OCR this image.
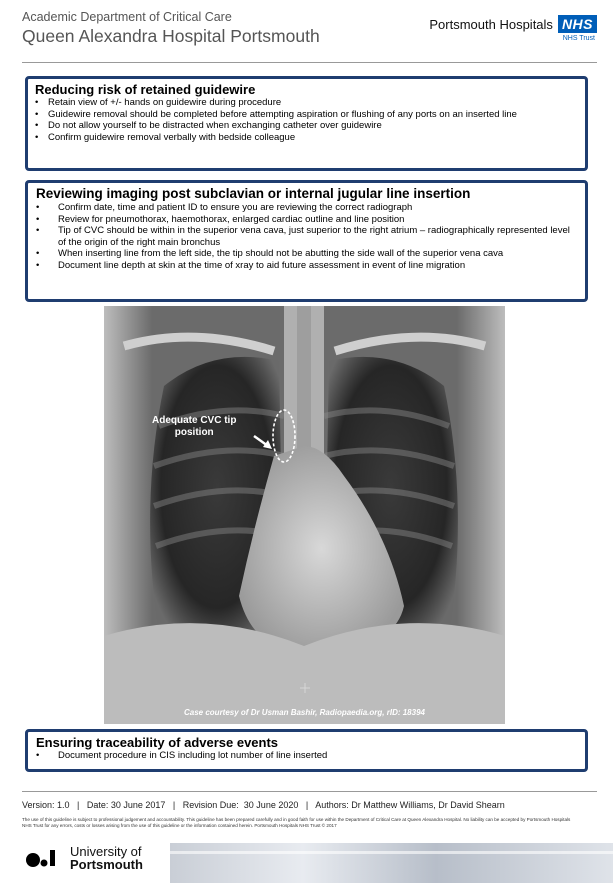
Academic Department of Critical Care
Queen Alexandra Hospital Portsmouth
Portsmouth Hospitals NHS
NHS Trust
Reducing risk of retained guidewire
• Retain view of +/- hands on guidewire during procedure
• Guidewire removal should be completed before attempting aspiration or flushing of any ports on an inserted line
• Do not allow yourself to be distracted when exchanging catheter over guidewire
• Confirm guidewire removal verbally with bedside colleague
Reviewing imaging post subclavian or internal jugular line insertion
• Confirm date, time and patient ID to ensure you are reviewing the correct radiograph
• Review for pneumothorax, haemothorax, enlarged cardiac outline and line position
• Tip of CVC should be within in the superior vena cava, just superior to the right atrium – radiographically represented level of the origin of the right main bronchus
• When inserting line from the left side, the tip should not be abutting the side wall of the superior vena cava
• Document line depth at skin at the time of xray to aid future assessment in event of line migration
Adequate CVC tip
position
Case courtesy of Dr Usman Bashir, Radiopaedia.org, rID: 18394
Ensuring traceability of adverse events
• Document procedure in CIS including lot number of line inserted
Version: 1.0   |   Date: 30 June 2017   |   Revision Due:  30 June 2020   |   Authors: Dr Matthew Williams, Dr David Shearn
The use of this guideline is subject to professional judgement and accountability. This guideline has been prepared carefully and in good faith for use within the Department of Critical Care at Queen Alexandra Hospital. No liability can be accepted by Portsmouth Hospitals NHS Trust for any errors, costs or losses arising from the use of this guideline or the information contained herein. Portsmouth Hospitals NHS Trust © 2017
University of
Portsmouth
